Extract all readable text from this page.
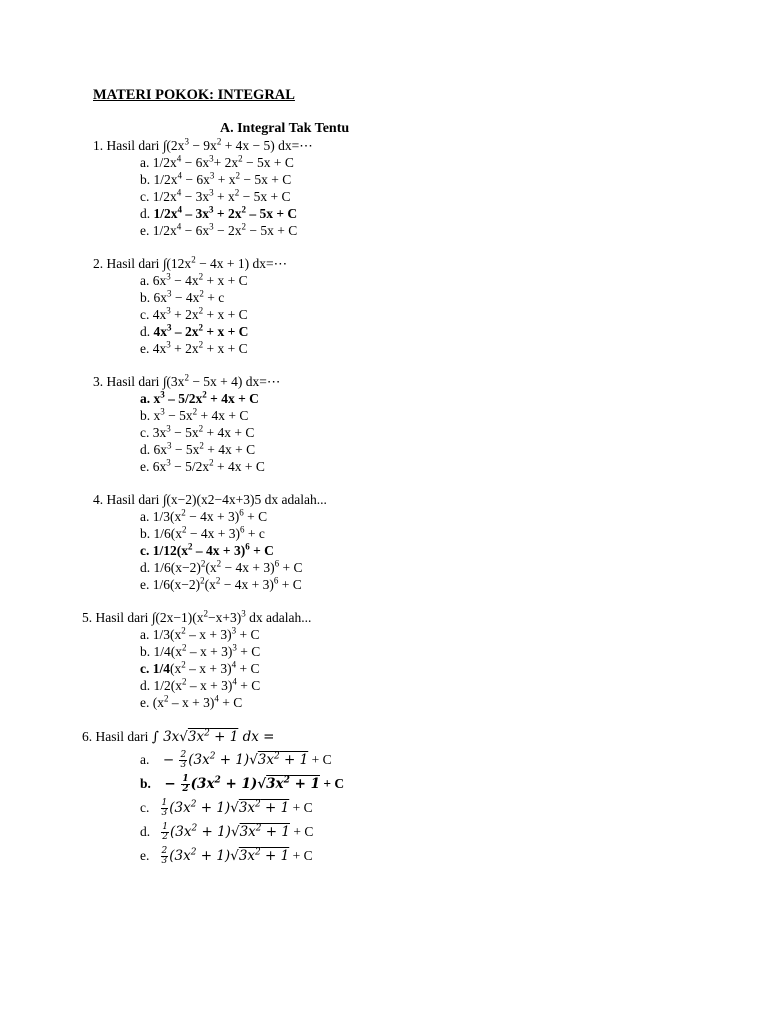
MATERI POKOK: INTEGRAL
A. Integral Tak Tentu
1. Hasil dari $\int(2x^3 - 9x^2 + 4x - 5)$ dx=⋯
a. $1/2x^4 - 6x^3+ 2x^2 - 5x + C$
b. $1/2x^4 - 6x^3 + x^2 - 5x + C$
c. $1/2x^4 - 3x^3 + x^2 - 5x + C$
d. $1/2x^4 - 3x^3 + 2x^2 - 5x + C$
e. $1/2x^4 - 6x^3 - 2x^2 - 5x + C$
2. Hasil dari $\int(12x^2 - 4x + 1)$ dx=⋯
a. $6x^3 - 4x^2 + x + C$
b. $6x^3 - 4x^2 + c$
c. $4x^3 + 2x^2 + x + C$
d. $4x^3 - 2x^2 + x + C$
e. $4x^3 + 2x^2 + x + C$
3. Hasil dari $\int(3x^2 - 5x + 4)$ dx=⋯
a. $x^3 - 5/2x^2 + 4x + C$
b. $x^3 - 5x^2 + 4x + C$
c. $3x^3 - 5x^2 + 4x + C$
d. $6x^3 - 5x^2 + 4x + C$
e. $6x^3 - 5/2x^2 + 4x + C$
4. Hasil dari ∫(x−2)(x2−4x+3)5 dx adalah...
a. $1/3(x^2 - 4x + 3)^6 + C$
b. $1/6(x^2 - 4x + 3)^6 + c$
c. $1/12(x^2 - 4x + 3)^6 + C$
d. $1/6(x-2)^2(x^2 - 4x + 3)^6 + C$
e. $1/6(x-2)^2(x^2 - 4x + 3)^6 + C$
5. Hasil dari $\int(2x-1)(x^2-x+3)^3$ dx adalah...
a. $1/3(x^2 - x + 3)^3 + C$
b. $1/4(x^2 - x + 3)^3 + C$
c. $1/4(x^2 - x + 3)^4 + C$
d. $1/2(x^2 - x + 3)^4 + C$
e. $(x^2 - x + 3)^4 + C$
6. Hasil dari ∫ $3x√3x^2 + 1$ dx =
a.    − $\frac{2}{3} (3x^2 + 1)√3x^2 + 1 + C$
b.    − $\frac{1}{2} (3x^2 + 1)√3x^2 + 1 + C$
c. $\frac{1}{3} (3x^2 + 1)√3x^2 + 1 + C$
d. $\frac{1}{2} (3x^2 + 1)√3x^2 + 1 + C$
e. $\frac{2}{3} (3x^2 + 1)√3x^2 + 1 + C$
